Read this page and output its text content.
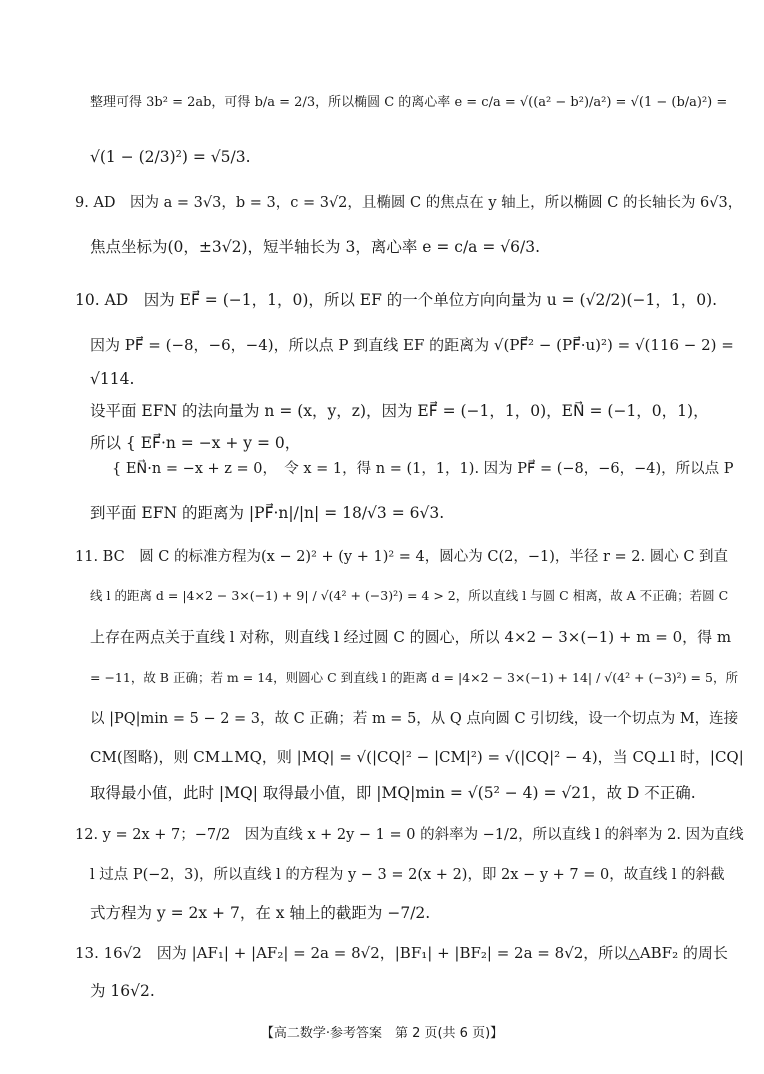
整理可得 3b² = 2ab，可得 b/a = 2/3，所以椭圆 C 的离心率 e = c/a = √((a² − b²)/a²) = √(1 − (b/a)²) =
√(1 − (2/3)²) = √5/3.
9. AD　因为 a = 3√3，b = 3，c = 3√2，且椭圆 C 的焦点在 y 轴上，所以椭圆 C 的长轴长为 6√3，
焦点坐标为(0，±3√2)，短半轴长为 3，离心率 e = c/a = √6/3.
10. AD　因为 EF⃗ = (−1，1，0)，所以 EF 的一个单位方向向量为 u = (√2/2)(−1，1，0).
因为 PF⃗ = (−8，−6，−4)，所以点 P 到直线 EF 的距离为 √(PF⃗² − (PF⃗·u)²) = √(116 − 2) =
√114.
设平面 EFN 的法向量为 n = (x，y，z)，因为 EF⃗ = (−1，1，0)，EN⃗ = (−1，0，1)，
所以 { EF⃗·n = −x + y = 0，
{ EN⃗·n = −x + z = 0，　令 x = 1，得 n = (1，1，1). 因为 PF⃗ = (−8，−6，−4)，所以点 P
到平面 EFN 的距离为 |PF⃗·n|/|n| = 18/√3 = 6√3.
11. BC　圆 C 的标准方程为(x − 2)² + (y + 1)² = 4，圆心为 C(2，−1)，半径 r = 2. 圆心 C 到直
线 l 的距离 d = |4×2 − 3×(−1) + 9| / √(4² + (−3)²) = 4 > 2，所以直线 l 与圆 C 相离，故 A 不正确；若圆 C
上存在两点关于直线 l 对称，则直线 l 经过圆 C 的圆心，所以 4×2 − 3×(−1) + m = 0，得 m
= −11，故 B 正确；若 m = 14，则圆心 C 到直线 l 的距离 d = |4×2 − 3×(−1) + 14| / √(4² + (−3)²) = 5，所
以 |PQ|min = 5 − 2 = 3，故 C 正确；若 m = 5，从 Q 点向圆 C 引切线，设一个切点为 M，连接
CM(图略)，则 CM⊥MQ，则 |MQ| = √(|CQ|² − |CM|²) = √(|CQ|² − 4)，当 CQ⊥l 时，|CQ|
取得最小值，此时 |MQ| 取得最小值，即 |MQ|min = √(5² − 4) = √21，故 D 不正确.
12. y = 2x + 7；−7/2　因为直线 x + 2y − 1 = 0 的斜率为 −1/2，所以直线 l 的斜率为 2. 因为直线
l 过点 P(−2，3)，所以直线 l 的方程为 y − 3 = 2(x + 2)，即 2x − y + 7 = 0，故直线 l 的斜截
式方程为 y = 2x + 7，在 x 轴上的截距为 −7/2.
13. 16√2　因为 |AF₁| + |AF₂| = 2a = 8√2，|BF₁| + |BF₂| = 2a = 8√2，所以△ABF₂ 的周长
为 16√2.
【高二数学·参考答案　第 2 页(共 6 页)】
